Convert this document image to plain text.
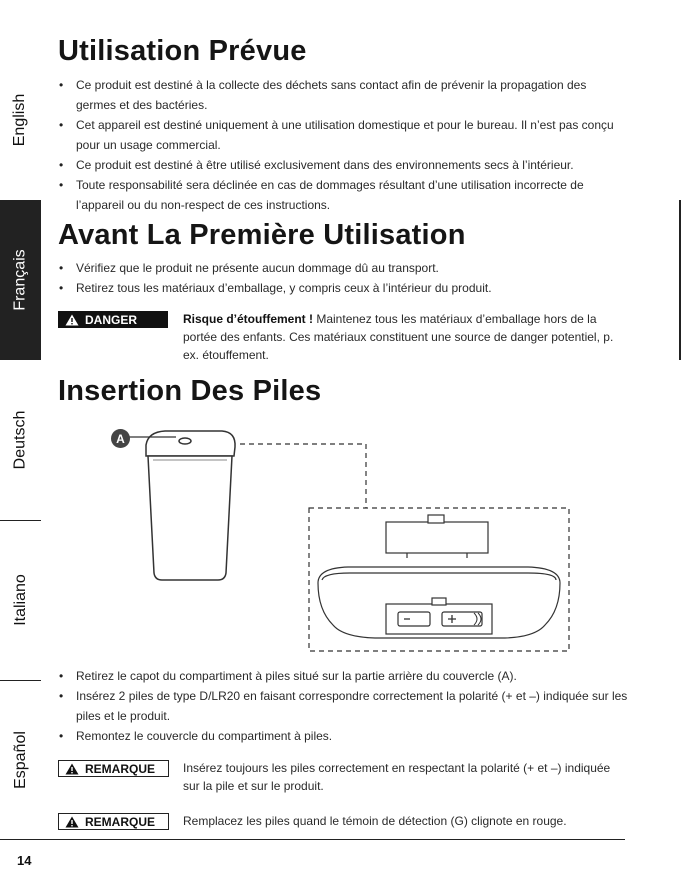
English
Français
Deutsch
Italiano
Español
Utilisation Prévue
• Ce produit est destiné à la collecte des déchets sans contact afin de prévenir la propagation des germes et des bactéries.
• Cet appareil est destiné uniquement à une utilisation domestique et pour le bureau. Il n’est pas conçu pour un usage commercial.
• Ce produit est destiné à être utilisé exclusivement dans des environnements secs à l’intérieur.
• Toute responsabilité sera déclinée en cas de dommages résultant d’une utilisation incorrecte de l’appareil ou du non-respect de ces instructions.
Avant La Première Utilisation
• Vérifiez que le produit ne présente aucun dommage dû au transport.
• Retirez tous les matériaux d’emballage, y compris ceux à l’intérieur du produit.
DANGER	Risque d’étouffement ! Maintenez tous les matériaux d’emballage hors de la portée des enfants. Ces matériaux constituent une source de danger potentiel, p. ex. étouffement.
Insertion Des Piles
A
• Retirez le capot du compartiment à piles situé sur la partie arrière du couvercle (A).
• Insérez 2 piles de type D/LR20 en faisant correspondre correctement la polarité (+ et –) indiquée sur les piles et le produit.
• Remontez le couvercle du compartiment à piles.
REMARQUE Insérez toujours les piles correctement en respectant la polarité (+ et –) indiquée sur la pile et sur le produit.
REMARQUE Remplacez les piles quand le témoin de détection (G) clignote en rouge.
14
